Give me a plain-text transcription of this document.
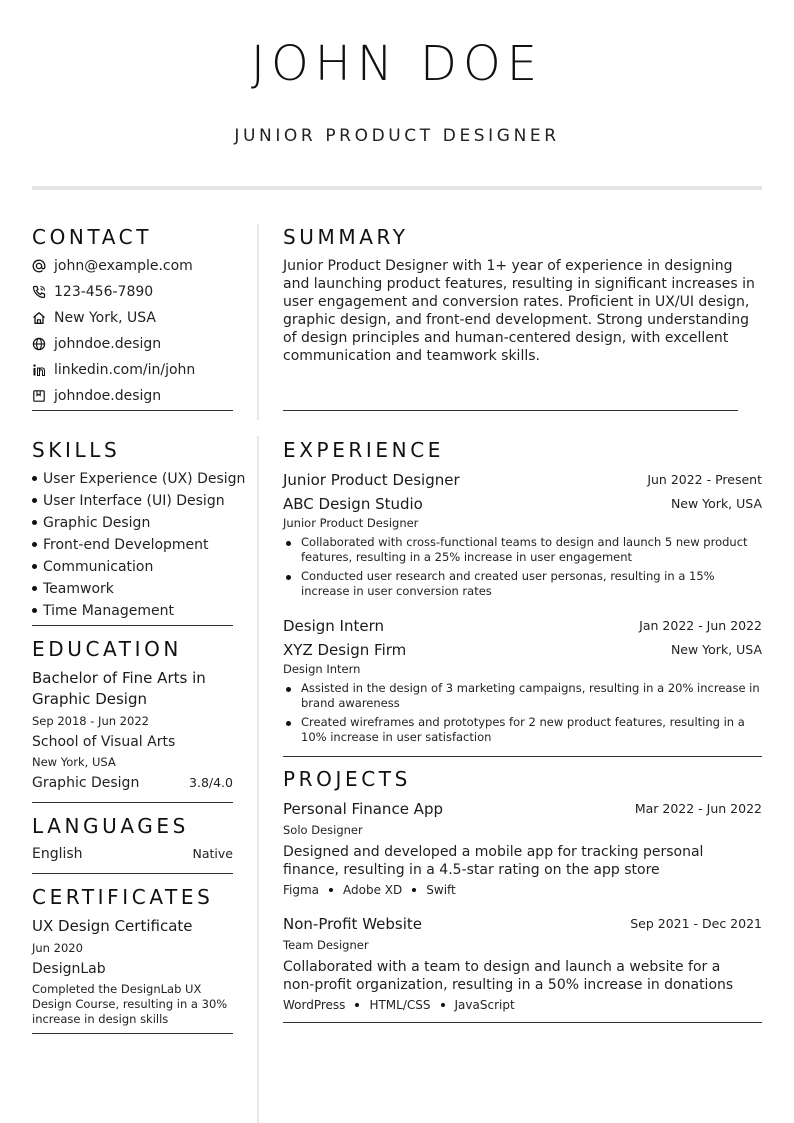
JOHN DOE
JUNIOR PRODUCT DESIGNER
CONTACT
john@example.com
123-456-7890
New York, USA
johndoe.design
linkedin.com/in/john
johndoe.design
SKILLS
User Experience (UX) Design
User Interface (UI) Design
Graphic Design
Front-end Development
Communication
Teamwork
Time Management
EDUCATION
Bachelor of Fine Arts in Graphic Design
Sep 2018 - Jun 2022
School of Visual Arts
New York, USA
Graphic Design	3.8/4.0
LANGUAGES
English	Native
CERTIFICATES
UX Design Certificate
Jun 2020
DesignLab
Completed the DesignLab UX Design Course, resulting in a 30% increase in design skills
SUMMARY
Junior Product Designer with 1+ year of experience in designing and launching product features, resulting in significant increases in user engagement and conversion rates. Proficient in UX/UI design, graphic design, and front-end development. Strong understanding of design principles and human-centered design, with excellent communication and teamwork skills.
EXPERIENCE
Junior Product Designer	Jun 2022 - Present
ABC Design Studio	New York, USA
Junior Product Designer
Collaborated with cross-functional teams to design and launch 5 new product features, resulting in a 25% increase in user engagement
Conducted user research and created user personas, resulting in a 15% increase in user conversion rates
Design Intern	Jan 2022 - Jun 2022
XYZ Design Firm	New York, USA
Design Intern
Assisted in the design of 3 marketing campaigns, resulting in a 20% increase in brand awareness
Created wireframes and prototypes for 2 new product features, resulting in a 10% increase in user satisfaction
PROJECTS
Personal Finance App	Mar 2022 - Jun 2022
Solo Designer
Designed and developed a mobile app for tracking personal finance, resulting in a 4.5-star rating on the app store
Figma Adobe XD Swift
Non-Profit Website	Sep 2021 - Dec 2021
Team Designer
Collaborated with a team to design and launch a website for a non-profit organization, resulting in a 50% increase in donations
WordPress HTML/CSS JavaScript
